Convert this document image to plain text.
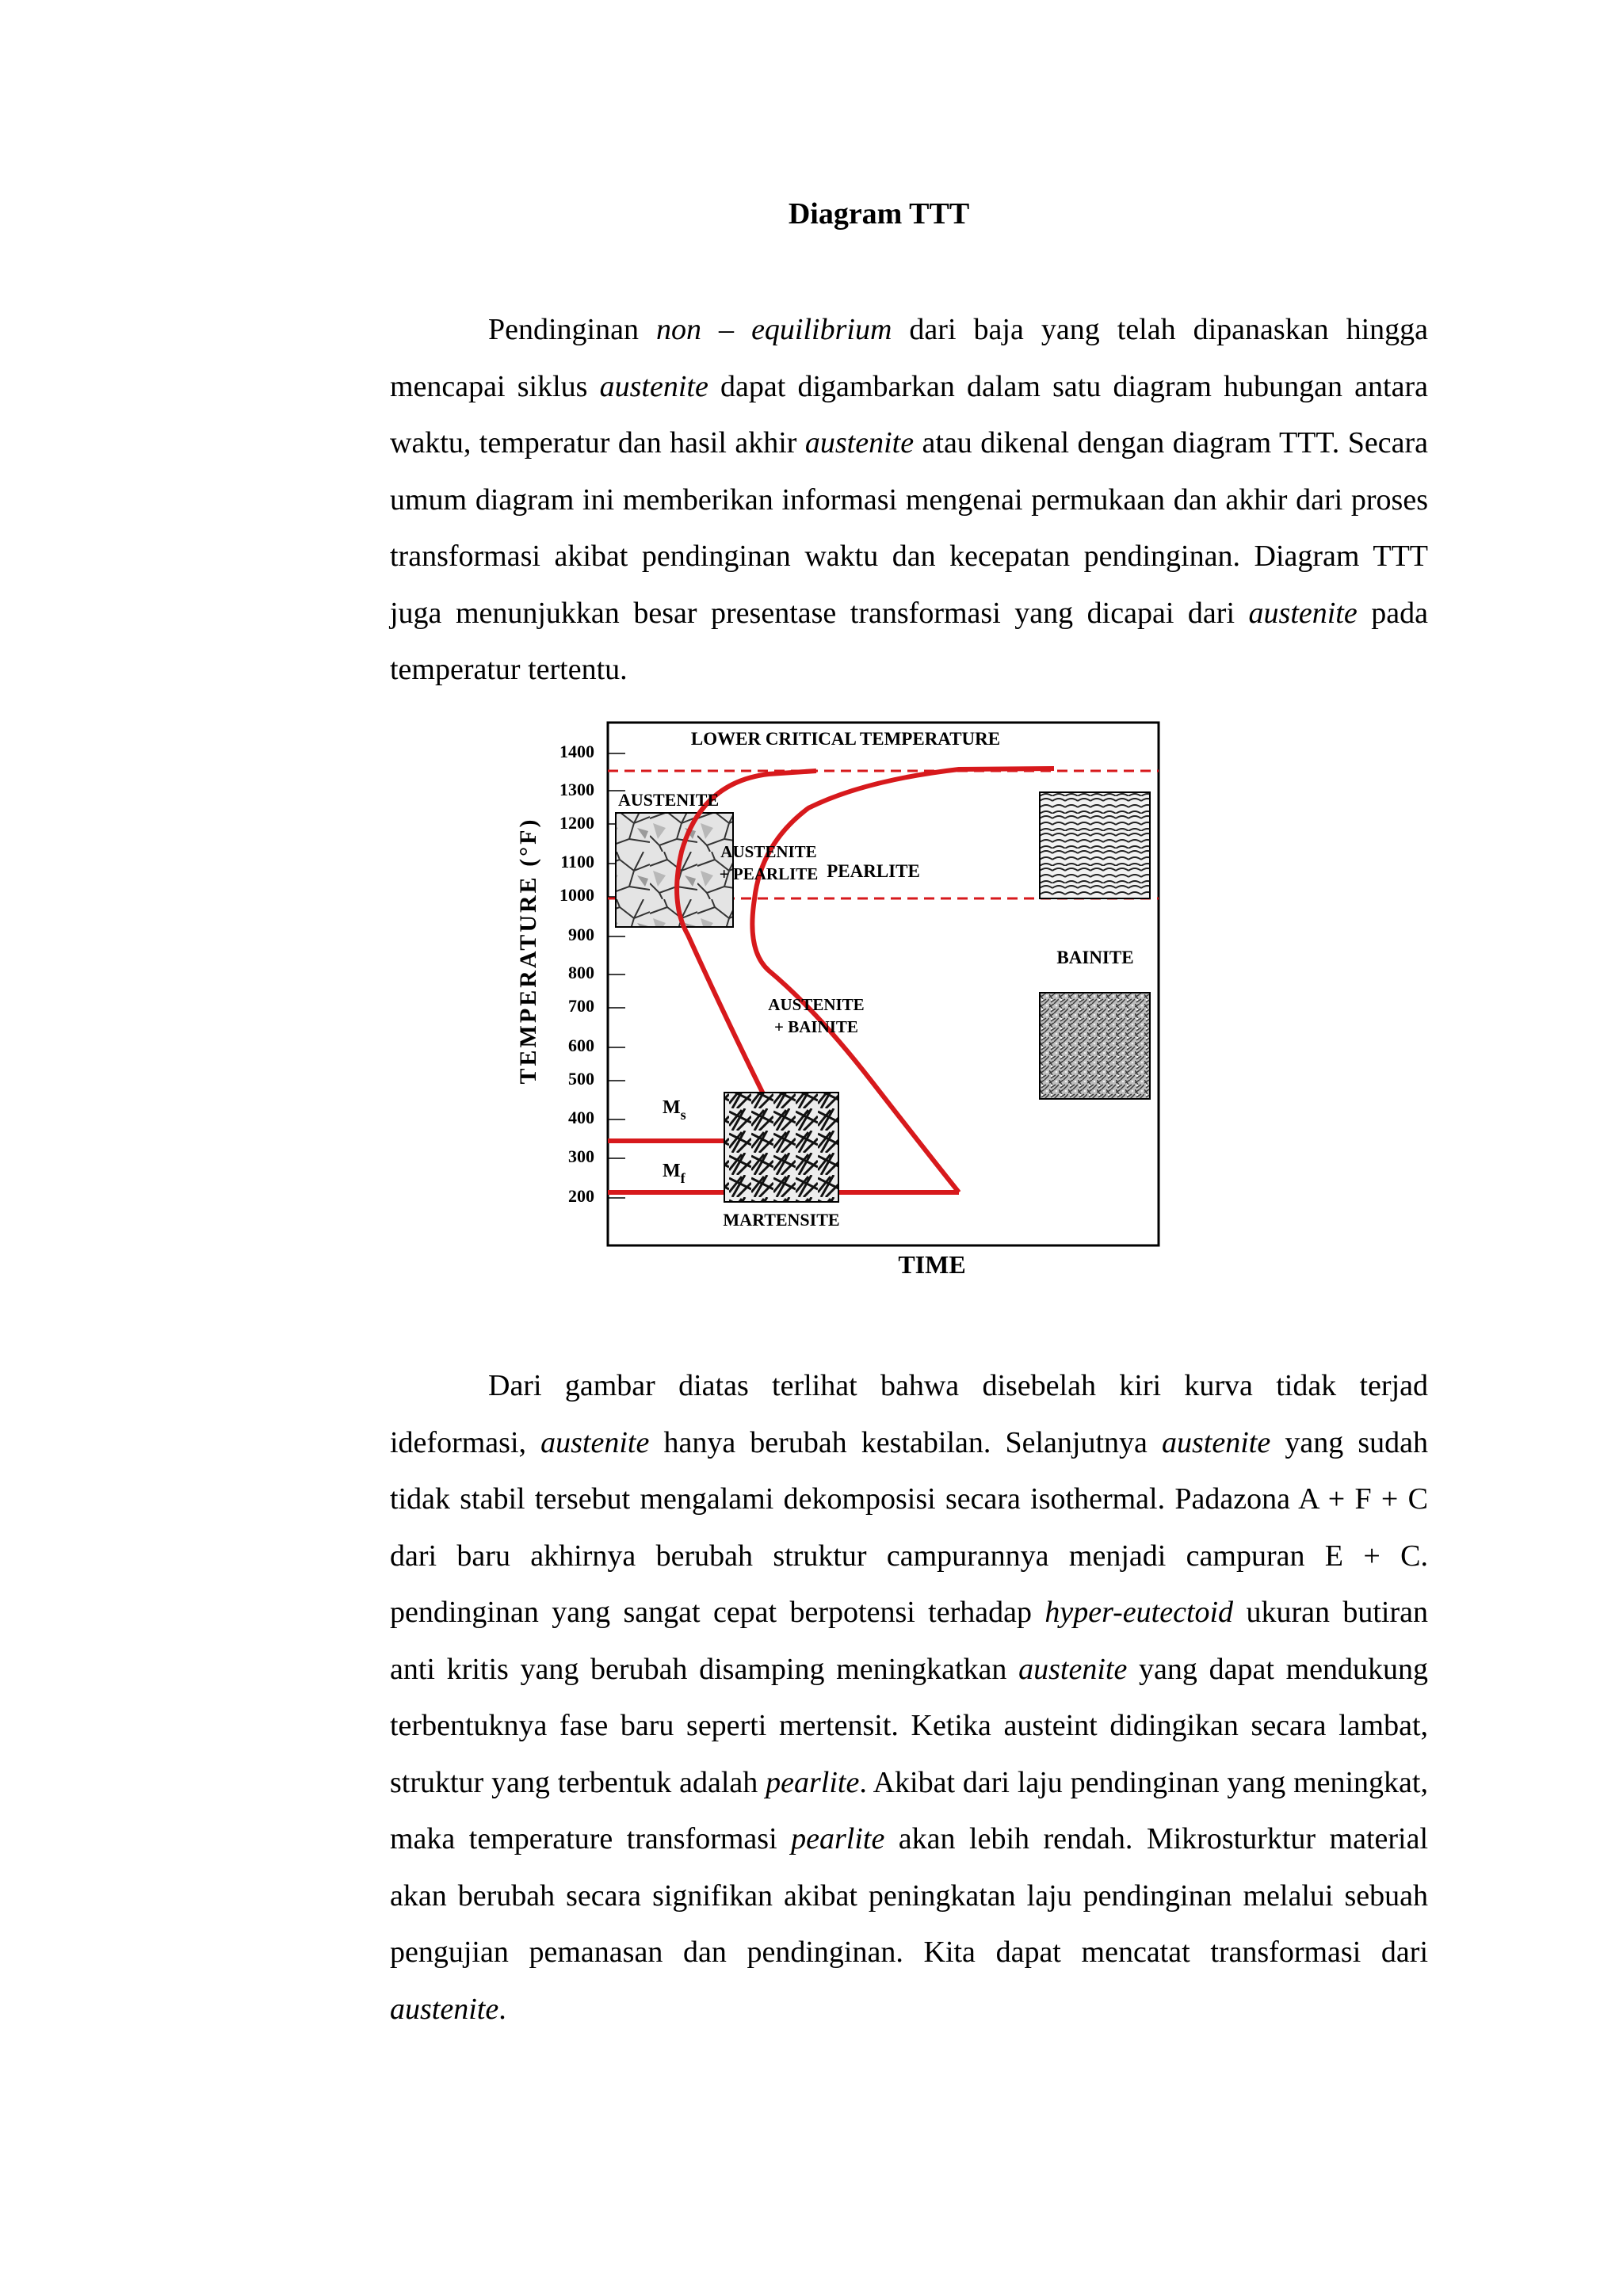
Diagram TTT

Pendinginan non – equilibrium dari baja yang telah dipanaskan hingga mencapai siklus austenite dapat digambarkan dalam satu diagram hubungan antara waktu, temperatur dan hasil akhir austenite atau dikenal dengan diagram TTT. Secara umum diagram ini memberikan informasi mengenai permukaan dan akhir dari proses transformasi akibat pendinginan waktu dan kecepatan pendinginan. Diagram TTT juga menunjukkan besar presentase transformasi yang dicapai dari austenite pada temperatur tertentu.

TEMPERATURE (°F)
1400
1300
1200
1100
1000
900
800
700
600
500
400
300
200
LOWER CRITICAL TEMPERATURE
AUSTENITE
AUSTENITE
+ PEARLITE PEARLITE
BAINITE
AUSTENITE
+ BAINITE
$M_s$
$M_f$
MARTENSITE
TIME

Dari gambar diatas terlihat bahwa disebelah kiri kurva tidak terjad ideformasi, austenite hanya berubah kestabilan. Selanjutnya austenite yang sudah tidak stabil tersebut mengalami dekomposisi secara isothermal. Padazona A + F + C dari baru akhirnya berubah struktur campurannya menjadi campuran E + C. pendinginan yang sangat cepat berpotensi terhadap hyper-eutectoid ukuran butiran anti kritis yang berubah disamping meningkatkan austenite yang dapat mendukung terbentuknya fase baru seperti mertensit. Ketika austeint didingikan secara lambat, struktur yang terbentuk adalah pearlite. Akibat dari laju pendinginan yang meningkat, maka temperature transformasi pearlite akan lebih rendah. Mikrosturktur material akan berubah secara signifikan akibat peningkatan laju pendinginan melalui sebuah pengujian pemanasan dan pendinginan. Kita dapat mencatat transformasi dari austenite.
